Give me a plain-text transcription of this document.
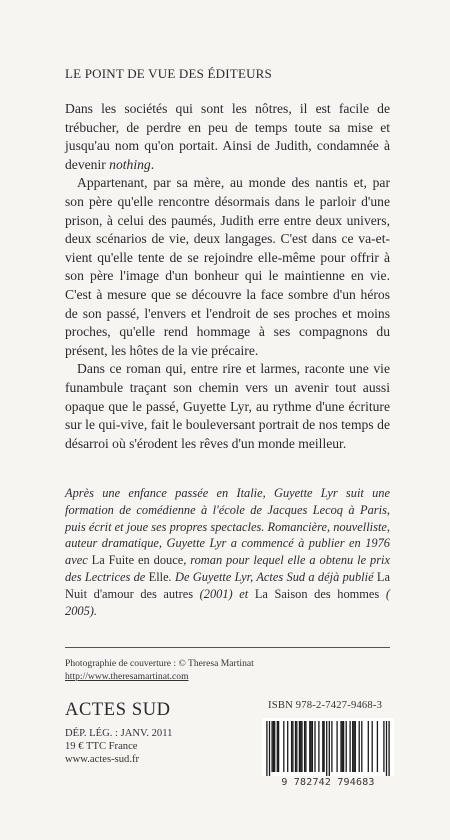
LE POINT DE VUE DES ÉDITEURS

Dans les sociétés qui sont les nôtres, il est facile de trébucher, de perdre en peu de temps toute sa mise et jusqu'au nom qu'on portait. Ainsi de Judith, condamnée à devenir nothing.

Appartenant, par sa mère, au monde des nantis et, par son père qu'elle rencontre désormais dans le parloir d'une prison, à celui des paumés, Judith erre entre deux univers, deux scénarios de vie, deux langages. C'est dans ce va-et-vient qu'elle tente de se rejoindre elle-même pour offrir à son père l'image d'un bonheur qui le maintienne en vie. C'est à mesure que se découvre la face sombre d'un héros de son passé, l'envers et l'endroit de ses proches et moins proches, qu'elle rend hommage à ses compagnons du présent, les hôtes de la vie précaire.

Dans ce roman qui, entre rire et larmes, raconte une vie funambule traçant son chemin vers un avenir tout aussi opaque que le passé, Guyette Lyr, au rythme d'une écriture sur le qui-vive, fait le bouleversant portrait de nos temps de désarroi où s'érodent les rêves d'un monde meilleur.

Après une enfance passée en Italie, Guyette Lyr suit une formation de comédienne à l'école de Jacques Lecoq à Paris, puis écrit et joue ses propres spectacles. Romancière, nouvelliste, auteur dramatique, Guyette Lyr a commencé à publier en 1976 avec La Fuite en douce, roman pour lequel elle a obtenu le prix des Lectrices de Elle. De Guyette Lyr, Actes Sud a déjà publié La Nuit d'amour des autres (2001) et La Saison des hommes ( 2005).
Photographie de couverture : © Theresa Martinat
http://www.theresamartinat.com
ACTES SUD
DÉP. LÉG. : JANV. 2011
19 € TTC France
www.actes-sud.fr
ISBN 978-2-7427-9468-3
9 782742 794683
